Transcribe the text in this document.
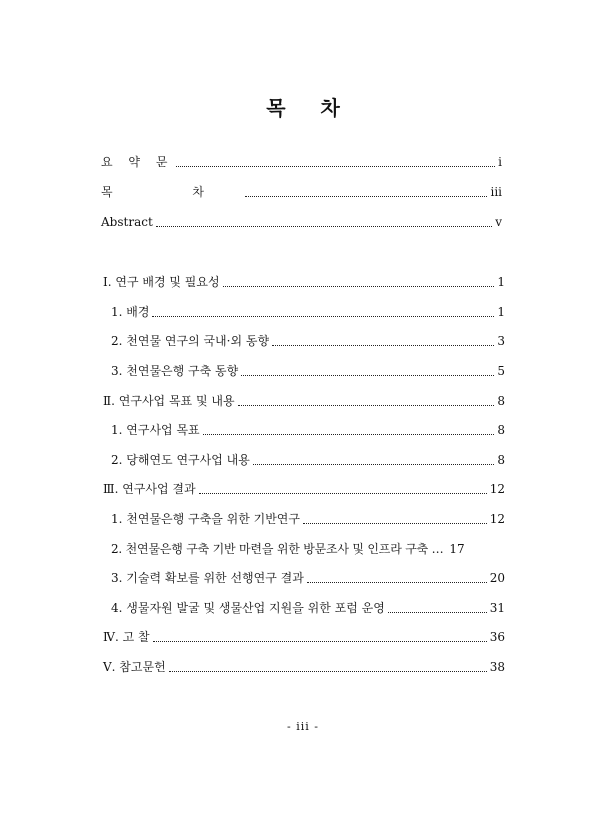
목 차
요 약 문	i
목 차	iii
Abstract	v
Ⅰ. 연구 배경 및 필요성	1
1. 배경	1
2. 천연물 연구의 국내·외 동향	3
3. 천연물은행 구축 동향	5
Ⅱ. 연구사업 목표 및 내용	8
1. 연구사업 목표	8
2. 당해연도 연구사업 내용	8
Ⅲ. 연구사업 결과	12
1. 천연물은행 구축을 위한 기반연구	12
2. 천연물은행 구축 기반 마련을 위한 방문조사 및 인프라 구축 … 17
3. 기술력 확보를 위한 선행연구 결과	20
4. 생물자원 발굴 및 생물산업 지원을 위한 포럼 운영	31
Ⅳ. 고 찰	36
Ⅴ. 참고문헌	38
- iii -
